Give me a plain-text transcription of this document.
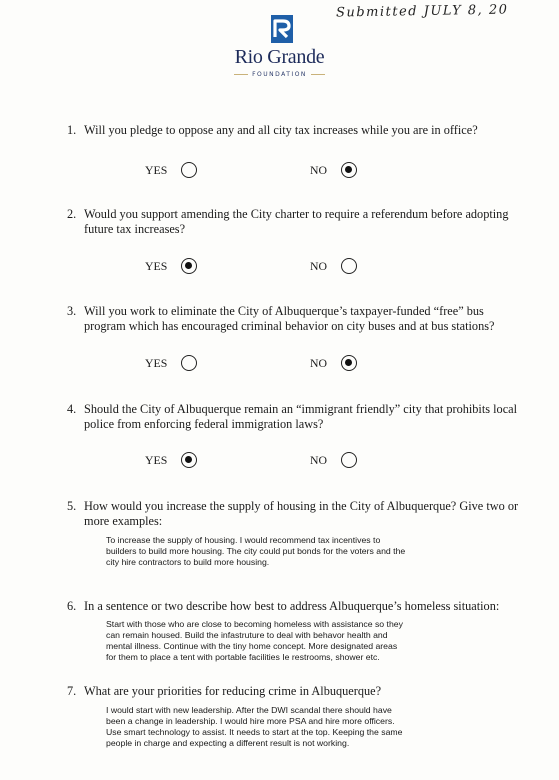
Submitted JULY 8, 20
Rio Grande
FOUNDATION
1. Will you pledge to oppose any and all city tax increases while you are in office?
YES	NO
2. Would you support amending the City charter to require a referendum before adopting future tax increases?
YES	NO
3. Will you work to eliminate the City of Albuquerque’s taxpayer-funded “free” bus program which has encouraged criminal behavior on city buses and at bus stations?
YES	NO
4. Should the City of Albuquerque remain an “immigrant friendly” city that prohibits local police from enforcing federal immigration laws?
YES	NO
5. How would you increase the supply of housing in the City of Albuquerque? Give two or more examples:
To increase the supply of housing. I would recommend tax incentives to
builders to build more housing. The city could put bonds for the voters and the
city hire contractors to build more housing.
6. In a sentence or two describe how best to address Albuquerque’s homeless situation:
Start with those who are close to becoming homeless with assistance so they
can remain housed. Build the infastruture to deal with behavor health and
mental illness. Continue with the tiny home concept. More designated areas
for them to place a tent with portable facilities Ie restrooms, shower etc.
7. What are your priorities for reducing crime in Albuquerque?
I would start with new leadership. After the DWI scandal there should have
been a change in leadership. I would hire more PSA and hire more officers.
Use smart technology to assist. It needs to start at the top. Keeping the same
people in charge and expecting a different result is not working.
